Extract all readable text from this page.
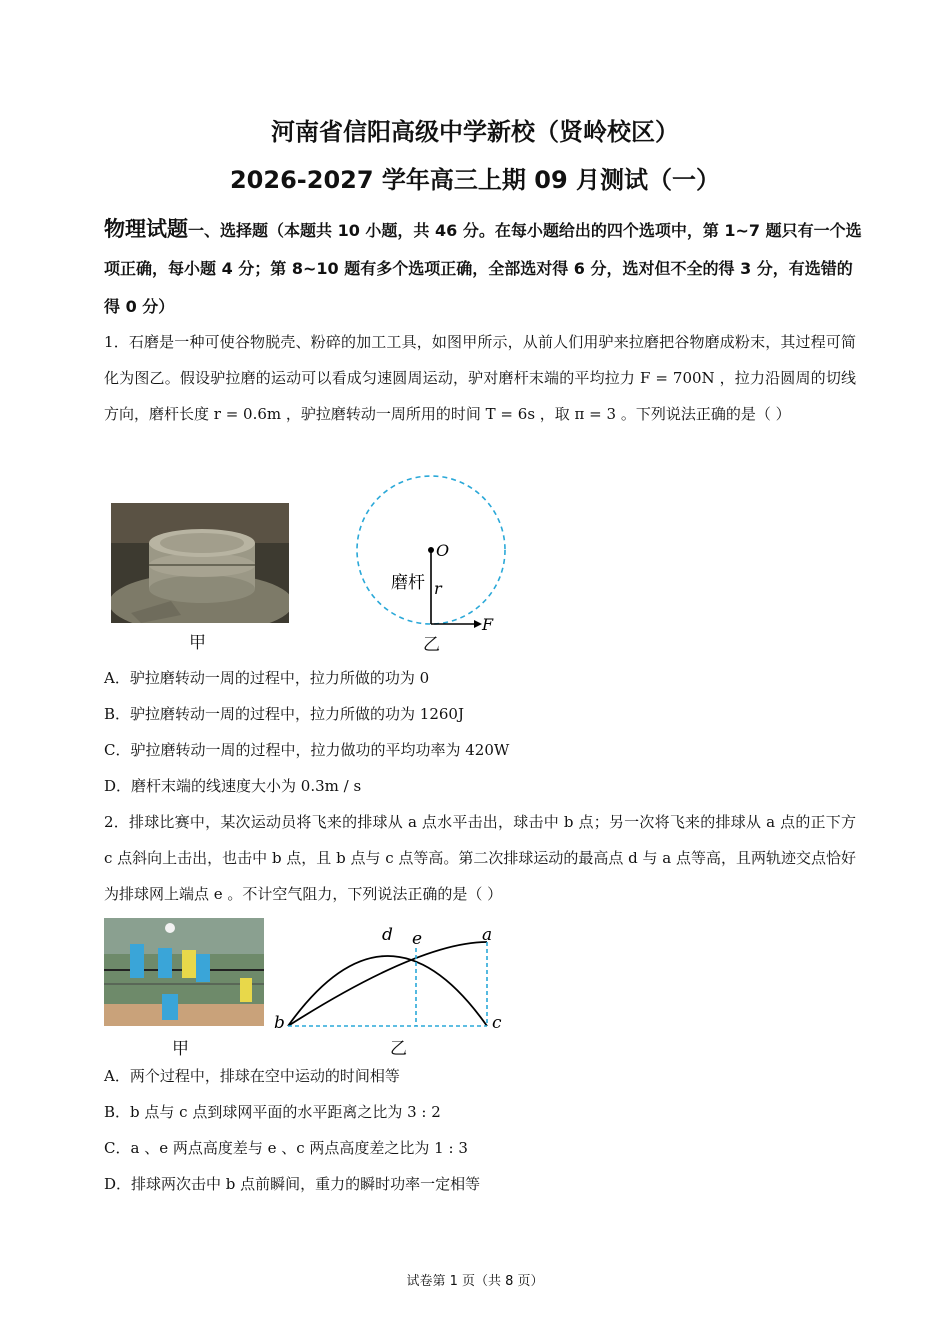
河南省信阳高级中学新校（贤岭校区）
2026-2027 学年高三上期 09 月测试（一）
物理试题一、选择题（本题共 10 小题，共 46 分。在每小题给出的四个选项中，第 1~7 题只有一个选项正确，每小题 4 分；第 8~10 题有多个选项正确，全部选对得 6 分，选对但不全的得 3 分，有选错的得 0 分）
1．石磨是一种可使谷物脱壳、粉碎的加工工具，如图甲所示，从前人们用驴来拉磨把谷物磨成粉末，其过程可简化为图乙。假设驴拉磨的运动可以看成匀速圆周运动，驴对磨杆末端的平均拉力 F = 700N ，拉力沿圆周的切线方向，磨杆长度 r = 0.6m ，驴拉磨转动一周所用的时间 T = 6s ，取 π = 3 。下列说法正确的是（ ）
甲
O
磨杆 r
F
乙
A．驴拉磨转动一周的过程中，拉力所做的功为 0
B．驴拉磨转动一周的过程中，拉力所做的功为 1260J
C．驴拉磨转动一周的过程中，拉力做功的平均功率为 420W
D．磨杆末端的线速度大小为 0.3m / s
2．排球比赛中，某次运动员将飞来的排球从 a 点水平击出，球击中 b 点；另一次将飞来的排球从 a 点的正下方 c 点斜向上击出，也击中 b 点，且 b 点与 c 点等高。第二次排球运动的最高点 d 与 a 点等高，且两轨迹交点恰好为排球网上端点 e 。不计空气阻力，下列说法正确的是（ ）
甲
d e	a
b	c
乙
A．两个过程中，排球在空中运动的时间相等
B．b 点与 c 点到球网平面的水平距离之比为 3 : 2
C．a 、e 两点高度差与 e 、c 两点高度差之比为 1 : 3
D．排球两次击中 b 点前瞬间，重力的瞬时功率一定相等
试卷第 1 页（共 8 页）
